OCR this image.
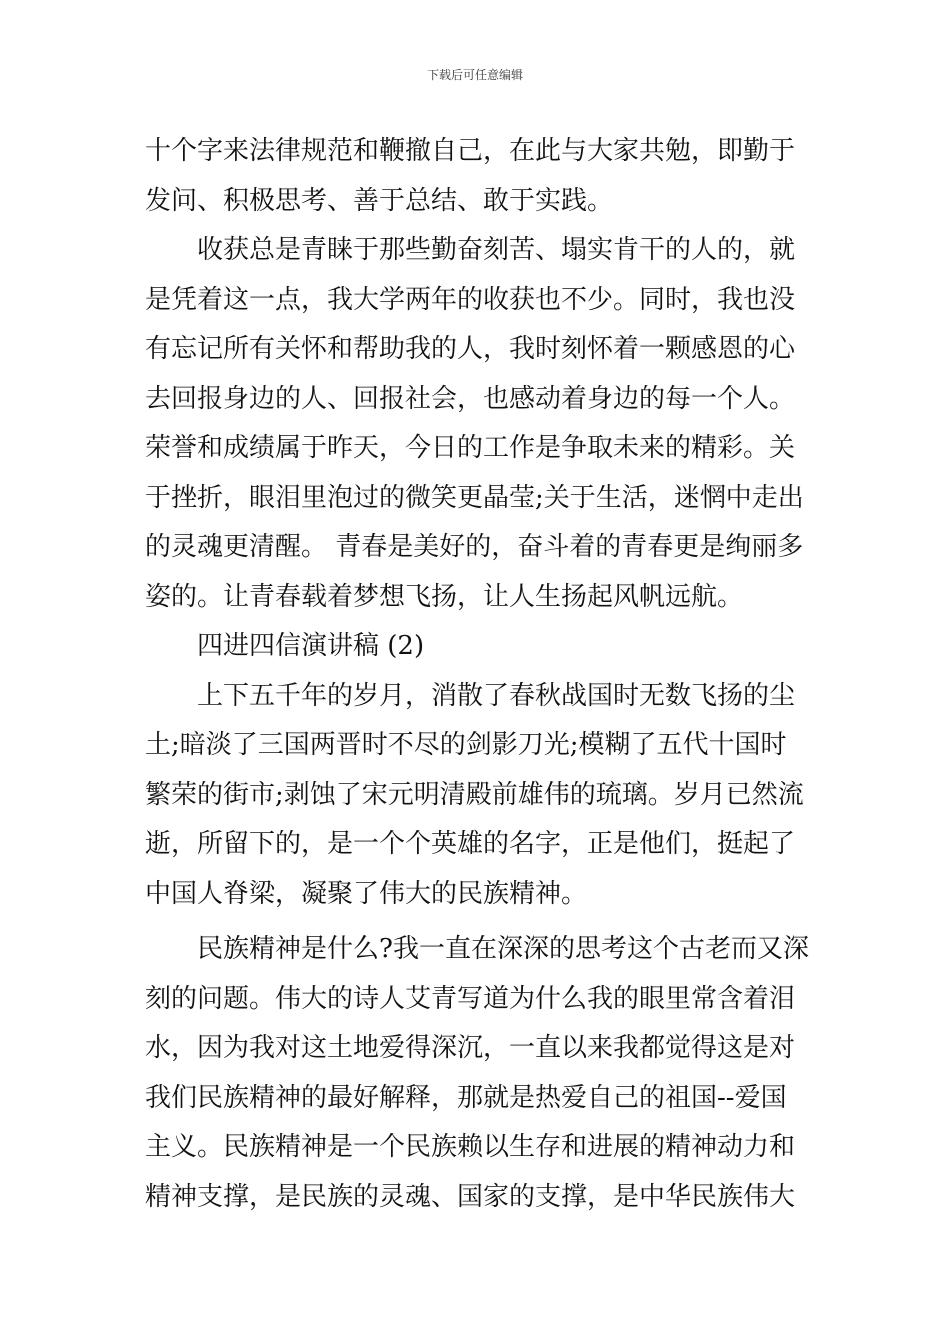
下载后可任意编辑
十个字来法律规范和鞭撤自己，在此与大家共勉，即勤于
发问、积极思考、善于总结、敢于实践。
收获总是青睐于那些勤奋刻苦、塌实肯干的人的，就
是凭着这一点，我大学两年的收获也不少。同时，我也没
有忘记所有关怀和帮助我的人，我时刻怀着一颗感恩的心
去回报身边的人、回报社会，也感动着身边的每一个人。
荣誉和成绩属于昨天，今日的工作是争取未来的精彩。关
于挫折，眼泪里泡过的微笑更晶莹;关于生活，迷惘中走出
的灵魂更清醒。 青春是美好的，奋斗着的青春更是绚丽多
姿的。让青春载着梦想飞扬，让人生扬起风帆远航。
四进四信演讲稿 (2)
上下五千年的岁月，消散了春秋战国时无数飞扬的尘
土;暗淡了三国两晋时不尽的剑影刀光;模糊了五代十国时
繁荣的街市;剥蚀了宋元明清殿前雄伟的琉璃。岁月已然流
逝，所留下的，是一个个英雄的名字，正是他们，挺起了
中国人脊梁，凝聚了伟大的民族精神。
民族精神是什么?我一直在深深的思考这个古老而又深
刻的问题。伟大的诗人艾青写道为什么我的眼里常含着泪
水，因为我对这土地爱得深沉，一直以来我都觉得这是对
我们民族精神的最好解释，那就是热爱自己的祖国--爱国
主义。民族精神是一个民族赖以生存和进展的精神动力和
精神支撑，是民族的灵魂、国家的支撑，是中华民族伟大
